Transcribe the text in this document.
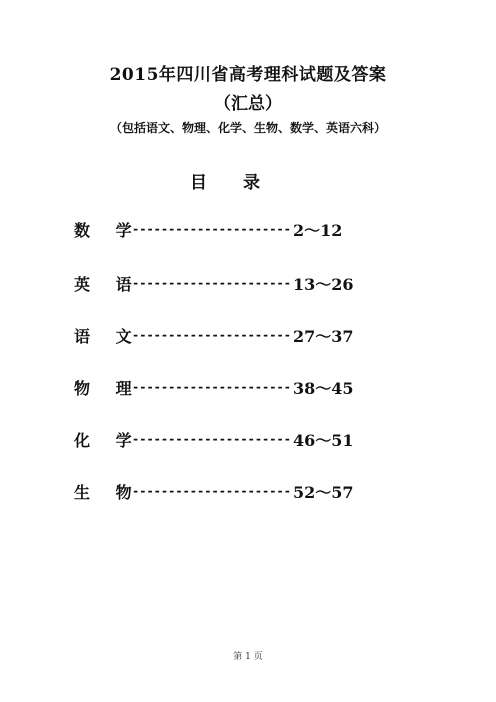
2015年四川省高考理科试题及答案
（汇总）
（包括语文、物理、化学、生物、数学、英语六科）
目 录
数 学
---------------------- 2～12
英 语
---------------------- 13～26
语 文
---------------------- 27～37
物 理
---------------------- 38～45
化 学
---------------------- 46～51
生 物
---------------------- 52～57
第 1 页
